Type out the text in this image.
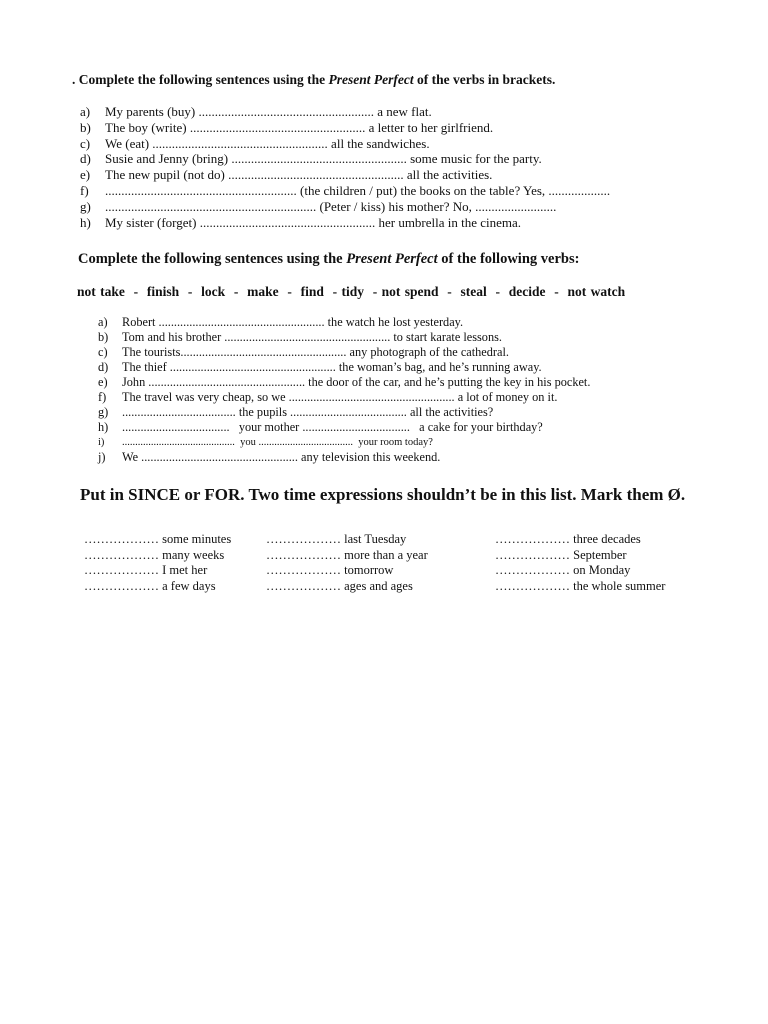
. Complete the following sentences using the Present Perfect of the verbs in brackets.
a) My parents (buy) ...................................................... a new flat.
b) The boy (write) ...................................................... a letter to her girlfriend.
c) We (eat) ...................................................... all the sandwiches.
d) Susie and Jenny (bring) ...................................................... some music for the party.
e) The new pupil (not do) ...................................................... all the activities.
f) ........................................................... (the children / put) the books on the table? Yes, ...................
g) ................................................................. (Peter / kiss) his mother? No, .........................
h) My sister (forget) ...................................................... her umbrella in the cinema.
Complete the following sentences using the Present Perfect of the following verbs:
not take  -  finish  -  lock  -  make  -  find  - tidy  - not spend  -  steal  -  decide  -  not watch
a) Robert ...................................................... the watch he lost yesterday.
b) Tom and his brother ...................................................... to start karate lessons.
c) The tourists...................................................... any photograph of the cathedral.
d) The thief ...................................................... the woman’s bag, and he’s running away.
e) John ................................................... the door of the car, and he’s putting the key in his pocket.
f) The travel was very cheap, so we ...................................................... a lot of money on it.
g) ..................................... the pupils ...................................... all the activities?
h) ...................................   your mother ...................................   a cake for your birthday?
i) ...........................................  you ....................................  your room today?
j) We ................................................... any television this weekend.
Put in SINCE or FOR. Two time expressions shouldn’t be in this list. Mark them Ø.
……………… some minutes
……………… many weeks
……………… I met her
……………… a few days
……………… last Tuesday
……………… more than a year
……………… tomorrow
……………… ages and ages
……………… three decades
……………… September
……………… on Monday
……………… the whole summer
